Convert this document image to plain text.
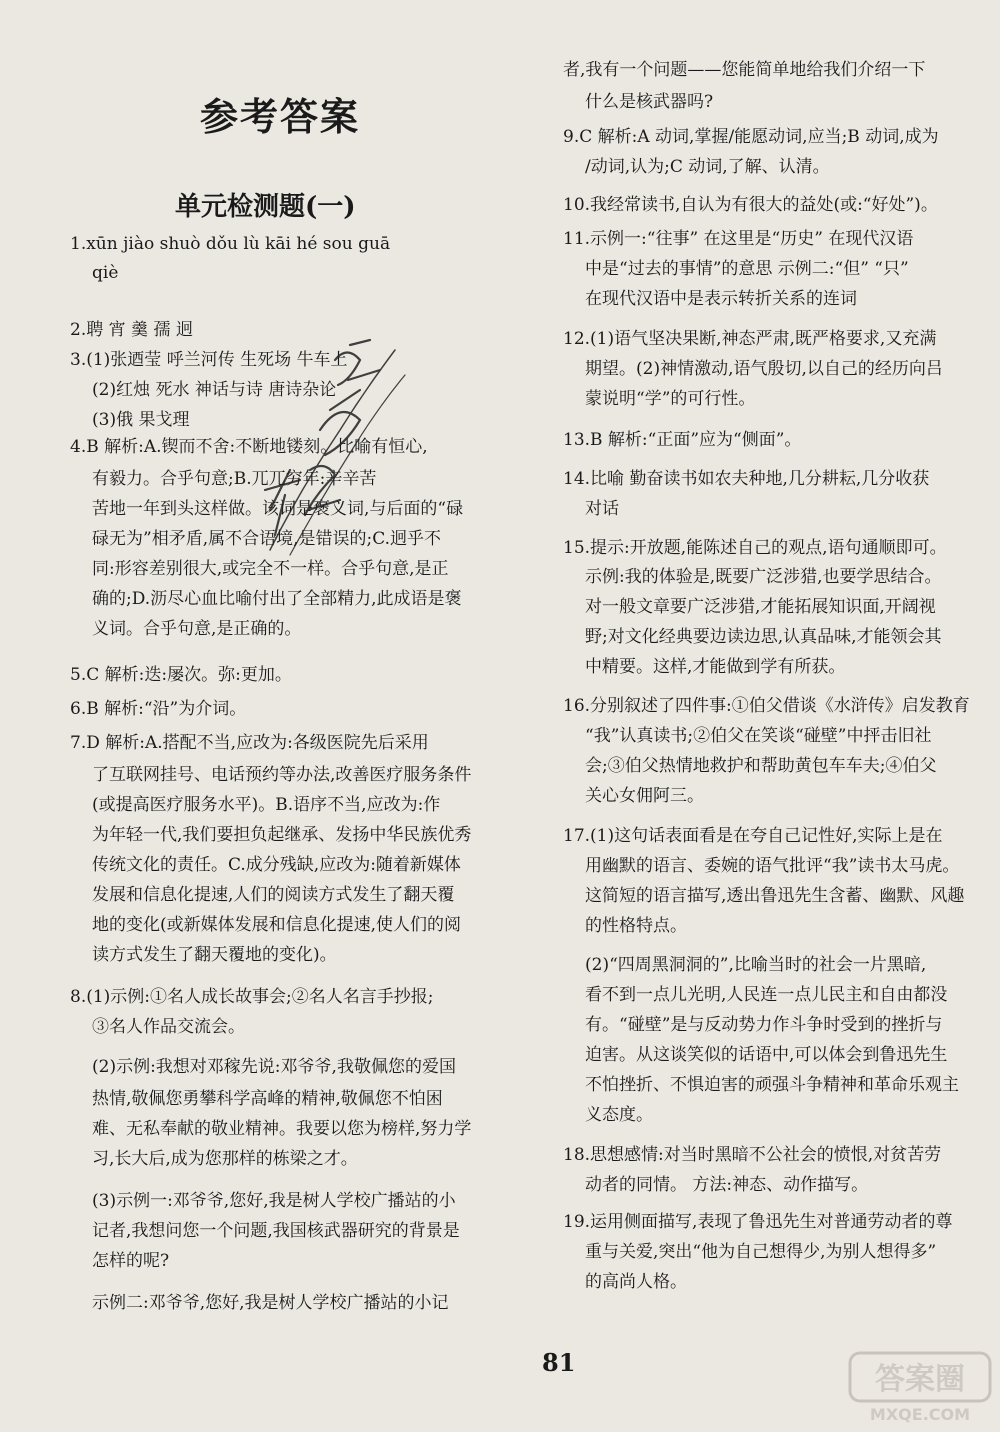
参考答案
单元检测题(一)
1.xūn jiào shuò dǒu lù kāi hé sou guā
qiè
2.聘 宵 羹 孺 迥
3.(1)张迺莹 呼兰河传 生死场 牛车上
(2)红烛 死水 神话与诗 唐诗杂论
(3)俄 果戈理
4.B 解析:A.锲而不舍:不断地镂刻。比喻有恒心,
有毅力。合乎句意;B.兀兀穷年:辛辛苦
苦地一年到头这样做。该词是褒义词,与后面的“碌
碌无为”相矛盾,属不合语境,是错误的;C.迥乎不
同:形容差别很大,或完全不一样。合乎句意,是正
确的;D.沥尽心血比喻付出了全部精力,此成语是褒
义词。合乎句意,是正确的。
5.C 解析:迭:屡次。弥:更加。
6.B 解析:“沿”为介词。
7.D 解析:A.搭配不当,应改为:各级医院先后采用
了互联网挂号、电话预约等办法,改善医疗服务条件
(或提高医疗服务水平)。B.语序不当,应改为:作
为年轻一代,我们要担负起继承、发扬中华民族优秀
传统文化的责任。C.成分残缺,应改为:随着新媒体
发展和信息化提速,人们的阅读方式发生了翻天覆
地的变化(或新媒体发展和信息化提速,使人们的阅
读方式发生了翻天覆地的变化)。
8.(1)示例:①名人成长故事会;②名人名言手抄报;
③名人作品交流会。
(2)示例:我想对邓稼先说:邓爷爷,我敬佩您的爱国
热情,敬佩您勇攀科学高峰的精神,敬佩您不怕困
难、无私奉献的敬业精神。我要以您为榜样,努力学
习,长大后,成为您那样的栋梁之才。
(3)示例一:邓爷爷,您好,我是树人学校广播站的小
记者,我想问您一个问题,我国核武器研究的背景是
怎样的呢?
示例二:邓爷爷,您好,我是树人学校广播站的小记
者,我有一个问题——您能简单地给我们介绍一下
什么是核武器吗?
9.C 解析:A 动词,掌握/能愿动词,应当;B 动词,成为
/动词,认为;C 动词,了解、认清。
10.我经常读书,自认为有很大的益处(或:“好处”)。
11.示例一:“往事” 在这里是“历史” 在现代汉语
中是“过去的事情”的意思 示例二:“但” “只”
在现代汉语中是表示转折关系的连词
12.(1)语气坚决果断,神态严肃,既严格要求,又充满
期望。(2)神情激动,语气殷切,以自己的经历向吕
蒙说明“学”的可行性。
13.B 解析:“正面”应为“侧面”。
14.比喻 勤奋读书如农夫种地,几分耕耘,几分收获
对话
15.提示:开放题,能陈述自己的观点,语句通顺即可。
示例:我的体验是,既要广泛涉猎,也要学思结合。
对一般文章要广泛涉猎,才能拓展知识面,开阔视
野;对文化经典要边读边思,认真品味,才能领会其
中精要。这样,才能做到学有所获。
16.分别叙述了四件事:①伯父借谈《水浒传》启发教育
“我”认真读书;②伯父在笑谈“碰壁”中抨击旧社
会;③伯父热情地救护和帮助黄包车车夫;④伯父
关心女佣阿三。
17.(1)这句话表面看是在夸自己记性好,实际上是在
用幽默的语言、委婉的语气批评“我”读书太马虎。
这简短的语言描写,透出鲁迅先生含蓄、幽默、风趣
的性格特点。
(2)“四周黑洞洞的”,比喻当时的社会一片黑暗,
看不到一点儿光明,人民连一点儿民主和自由都没
有。“碰壁”是与反动势力作斗争时受到的挫折与
迫害。从这谈笑似的话语中,可以体会到鲁迅先生
不怕挫折、不惧迫害的顽强斗争精神和革命乐观主
义态度。
18.思想感情:对当时黑暗不公社会的愤恨,对贫苦劳
动者的同情。 方法:神态、动作描写。
19.运用侧面描写,表现了鲁迅先生对普通劳动者的尊
重与关爱,突出“他为自己想得少,为别人想得多”
的高尚人格。
81	答案圈
MXQE.COM
